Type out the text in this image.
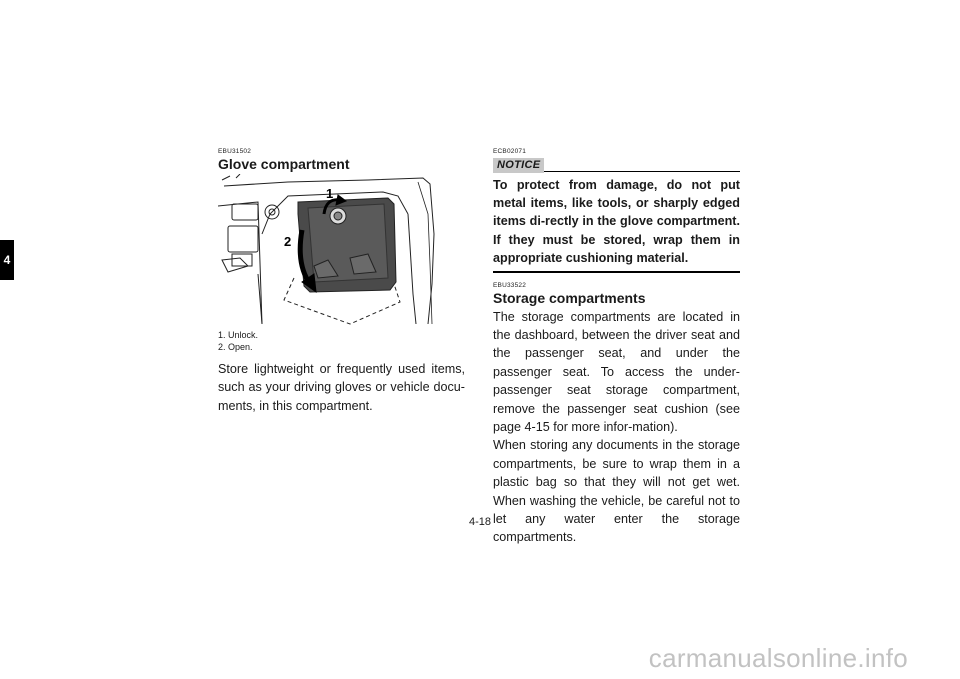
4
EBU31502
Glove compartment
1
2
1. Unlock.
2. Open.
Store lightweight or frequently used items, such as your driving gloves or vehicle docu-ments, in this compartment.
ECB02071
NOTICE
To protect from damage, do not put metal items, like tools, or sharply edged items di-rectly in the glove compartment. If they must be stored, wrap them in appropriate cushioning material.
EBU33522
Storage compartments
The storage compartments are located in the dashboard, between the driver seat and the passenger seat, and under the passenger seat. To access the under-passenger seat storage compartment, remove the passenger seat cushion (see page 4-15 for more infor-mation).
When storing any documents in the storage compartments, be sure to wrap them in a plastic bag so that they will not get wet. When washing the vehicle, be careful not to let any water enter the storage compartments.
4-18
carmanualsonline.info
